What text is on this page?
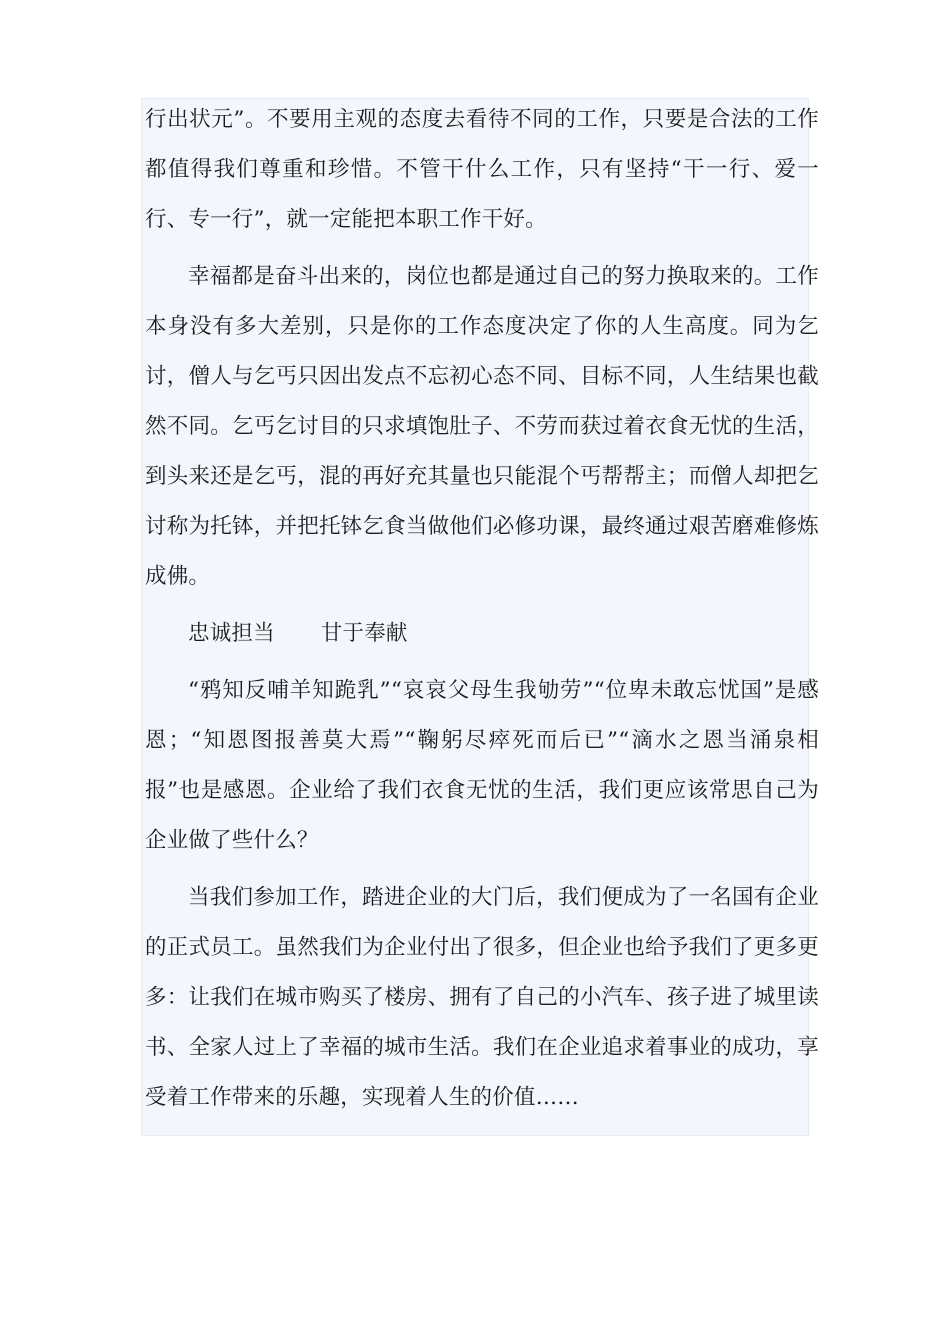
行出状元”。不要用主观的态度去看待不同的工作，只要是合法的工作都值得我们尊重和珍惜。不管干什么工作，只有坚持“干一行、爱一行、专一行”，就一定能把本职工作干好。

幸福都是奋斗出来的，岗位也都是通过自己的努力换取来的。工作本身没有多大差别，只是你的工作态度决定了你的人生高度。同为乞讨，僧人与乞丐只因出发点不忘初心态不同、目标不同，人生结果也截然不同。乞丐乞讨目的只求填饱肚子、不劳而获过着衣食无忧的生活，到头来还是乞丐，混的再好充其量也只能混个丐帮帮主；而僧人却把乞讨称为托钵，并把托钵乞食当做他们必修功课，最终通过艰苦磨难修炼成佛。

忠诚担当 甘于奉献

“鸦知反哺羊知跪乳”“哀哀父母生我劬劳”“位卑未敢忘忧国”是感恩；“知恩图报善莫大焉”“鞠躬尽瘁死而后已”“滴水之恩当涌泉相报”也是感恩。企业给了我们衣食无忧的生活，我们更应该常思自己为企业做了些什么？

当我们参加工作，踏进企业的大门后，我们便成为了一名国有企业的正式员工。虽然我们为企业付出了很多，但企业也给予我们了更多更多：让我们在城市购买了楼房、拥有了自己的小汽车、孩子进了城里读书、全家人过上了幸福的城市生活。我们在企业追求着事业的成功，享受着工作带来的乐趣，实现着人生的价值……
